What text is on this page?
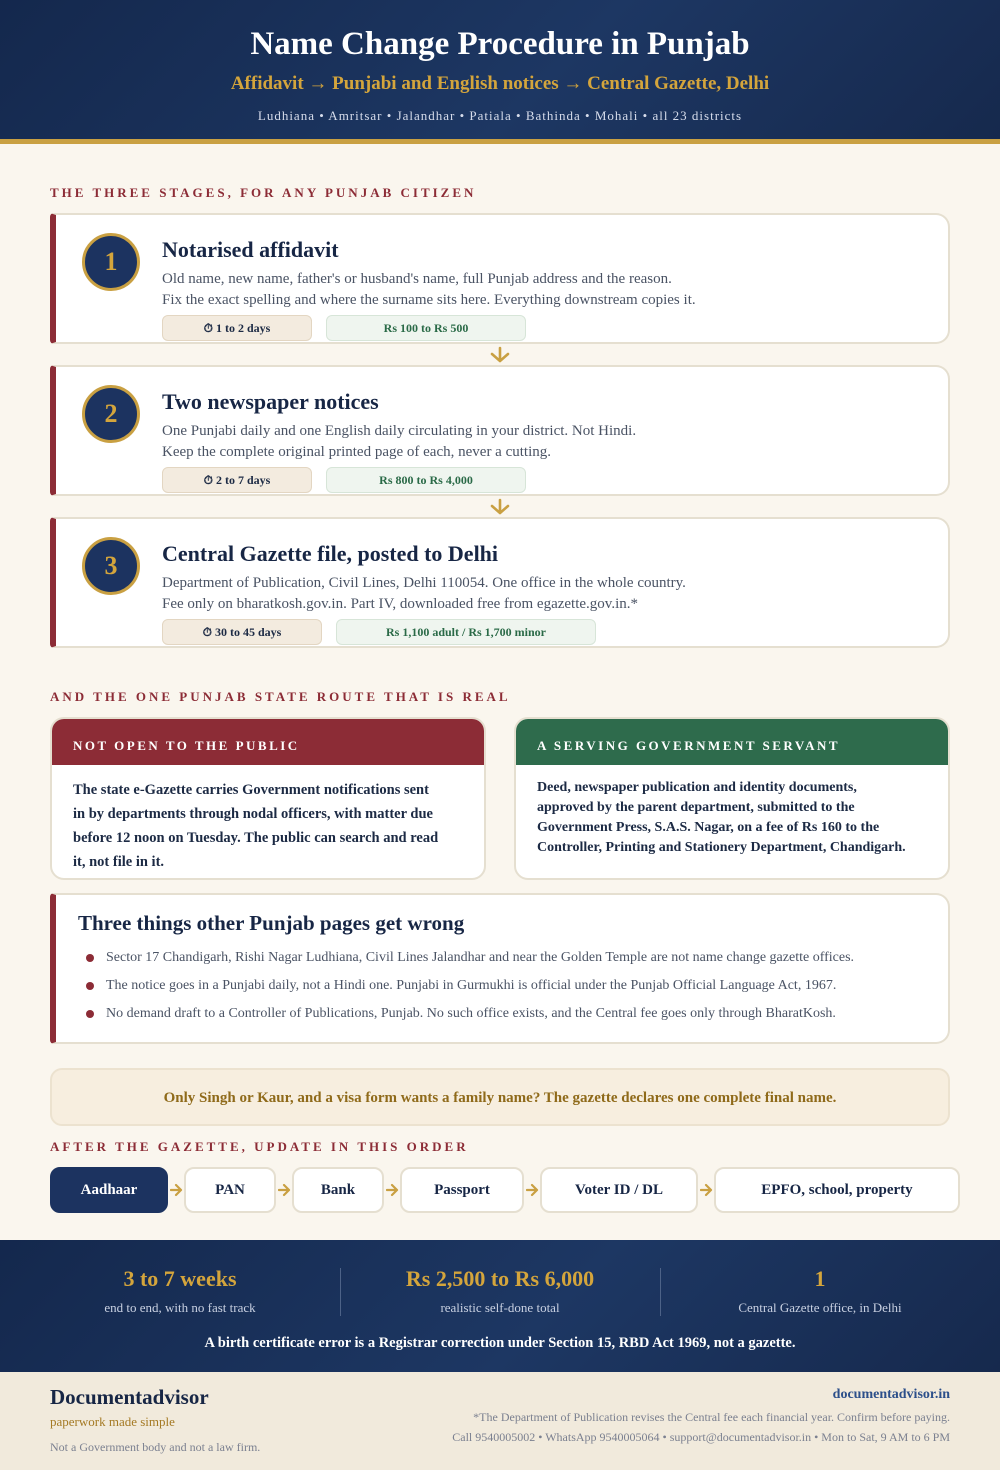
Name Change Procedure in Punjab
Affidavit → Punjabi and English notices → Central Gazette, Delhi
Ludhiana • Amritsar • Jalandhar • Patiala • Bathinda • Mohali • all 23 districts
THE THREE STAGES, FOR ANY PUNJAB CITIZEN
1	Notarised affidavit
Old name, new name, father's or husband's name, full Punjab address and the reason.
Fix the exact spelling and where the surname sits here. Everything downstream copies it.
⏱ 1 to 2 days	Rs 100 to Rs 500
2	Two newspaper notices
One Punjabi daily and one English daily circulating in your district. Not Hindi.
Keep the complete original printed page of each, never a cutting.
⏱ 2 to 7 days	Rs 800 to Rs 4,000
3	Central Gazette file, posted to Delhi
Department of Publication, Civil Lines, Delhi 110054. One office in the whole country.
Fee only on bharatkosh.gov.in. Part IV, downloaded free from egazette.gov.in.*
⏱ 30 to 45 days	Rs 1,100 adult / Rs 1,700 minor
AND THE ONE PUNJAB STATE ROUTE THAT IS REAL
NOT OPEN TO THE PUBLIC
The state e-Gazette carries Government notifications sent in by departments through nodal officers, with matter due before 12 noon on Tuesday. The public can search and read it, not file in it.
A SERVING GOVERNMENT SERVANT
Deed, newspaper publication and identity documents, approved by the parent department, submitted to the Government Press, S.A.S. Nagar, on a fee of Rs 160 to the Controller, Printing and Stationery Department, Chandigarh.
Three things other Punjab pages get wrong
Sector 17 Chandigarh, Rishi Nagar Ludhiana, Civil Lines Jalandhar and near the Golden Temple are not name change gazette offices.
The notice goes in a Punjabi daily, not a Hindi one. Punjabi in Gurmukhi is official under the Punjab Official Language Act, 1967.
No demand draft to a Controller of Publications, Punjab. No such office exists, and the Central fee goes only through BharatKosh.
Only Singh or Kaur, and a visa form wants a family name? The gazette declares one complete final name.
AFTER THE GAZETTE, UPDATE IN THIS ORDER
Aadhaar	PAN	Bank	Passport	Voter ID / DL	EPFO, school, property
3 to 7 weeks
end to end, with no fast track
Rs 2,500 to Rs 6,000
realistic self-done total
1
Central Gazette office, in Delhi
A birth certificate error is a Registrar correction under Section 15, RBD Act 1969, not a gazette.
Documentadvisor
paperwork made simple
Not a Government body and not a law firm.
documentadvisor.in
*The Department of Publication revises the Central fee each financial year. Confirm before paying.
Call 9540005002 • WhatsApp 9540005064 • support@documentadvisor.in • Mon to Sat, 9 AM to 6 PM
